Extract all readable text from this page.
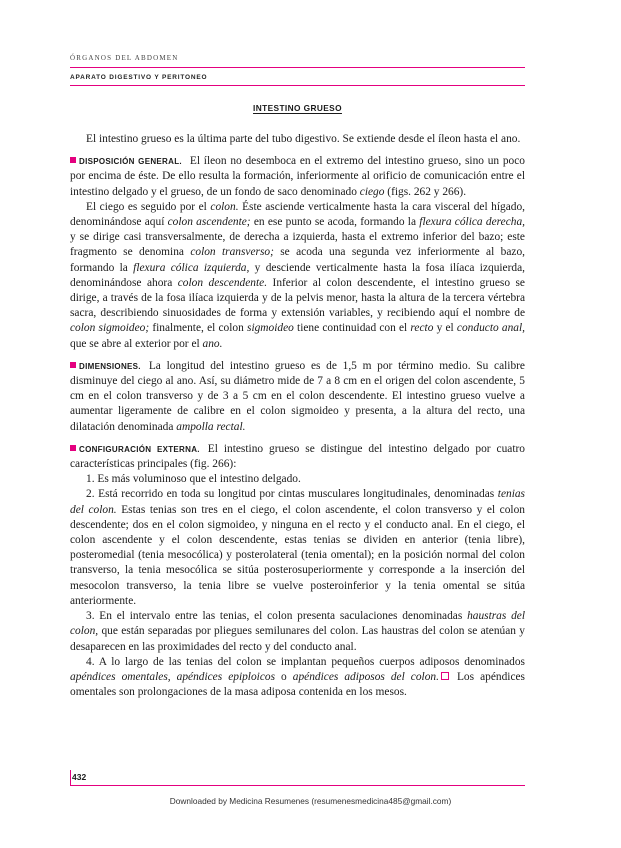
ÓRGANOS DEL ABDOMEN
APARATO DIGESTIVO Y PERITONEO
INTESTINO GRUESO

El intestino grueso es la última parte del tubo digestivo. Se extiende desde el íleon hasta el ano.

DISPOSICIÓN GENERAL. El íleon no desemboca en el extremo del intestino grueso, sino un poco por encima de éste. De ello resulta la formación, inferiormente al orificio de comunicación entre el intestino delgado y el grueso, de un fondo de saco denominado ciego (figs. 262 y 266).

El ciego es seguido por el colon. Éste asciende verticalmente hasta la cara visceral del hígado, denominándose aquí colon ascendente; en ese punto se acoda, formando la flexura cólica derecha, y se dirige casi transversalmente, de derecha a izquierda, hasta el extremo inferior del bazo; este fragmento se denomina colon transverso; se acoda una segunda vez inferiormente al bazo, formando la flexura cólica izquierda, y desciende verticalmente hasta la fosa ilíaca izquierda, denominándose ahora colon descendente. Inferior al colon descendente, el intestino grueso se dirige, a través de la fosa ilíaca izquierda y de la pelvis menor, hasta la altura de la tercera vértebra sacra, describiendo sinuosidades de forma y extensión variables, y recibiendo aquí el nombre de colon sigmoideo; finalmente, el colon sigmoideo tiene continuidad con el recto y el conducto anal, que se abre al exterior por el ano.

DIMENSIONES. La longitud del intestino grueso es de 1,5 m por término medio. Su calibre disminuye del ciego al ano. Así, su diámetro mide de 7 a 8 cm en el origen del colon ascendente, 5 cm en el colon transverso y de 3 a 5 cm en el colon descendente. El intestino grueso vuelve a aumentar ligeramente de calibre en el colon sigmoideo y presenta, a la altura del recto, una dilatación denominada ampolla rectal.

CONFIGURACIÓN EXTERNA. El intestino grueso se distingue del intestino delgado por cuatro características principales (fig. 266):

1. Es más voluminoso que el intestino delgado.

2. Está recorrido en toda su longitud por cintas musculares longitudinales, denominadas tenias del colon. Estas tenias son tres en el ciego, el colon ascendente, el colon transverso y el colon descendente; dos en el colon sigmoideo, y ninguna en el recto y el conducto anal. En el ciego, el colon ascendente y el colon descendente, estas tenias se dividen en anterior (tenia libre), posteromedial (tenia mesocólica) y posterolateral (tenia omental); en la posición normal del colon transverso, la tenia mesocólica se sitúa posterosuperiormente y corresponde a la inserción del mesocolon transverso, la tenia libre se vuelve posteroinferior y la tenia omental se sitúa anteriormente.

3. En el intervalo entre las tenias, el colon presenta saculaciones denominadas haustras del colon, que están separadas por pliegues semilunares del colon. Las haustras del colon se atenúan y desaparecen en las proximidades del recto y del conducto anal.

4. A lo largo de las tenias del colon se implantan pequeños cuerpos adiposos denominados apéndices omentales, apéndices epiploicos o apéndices adiposos del colon. Los apéndices omentales son prolongaciones de la masa adiposa contenida en los mesos.

432
Downloaded by Medicina Resumenes (resumenesmedicina485@gmail.com)
